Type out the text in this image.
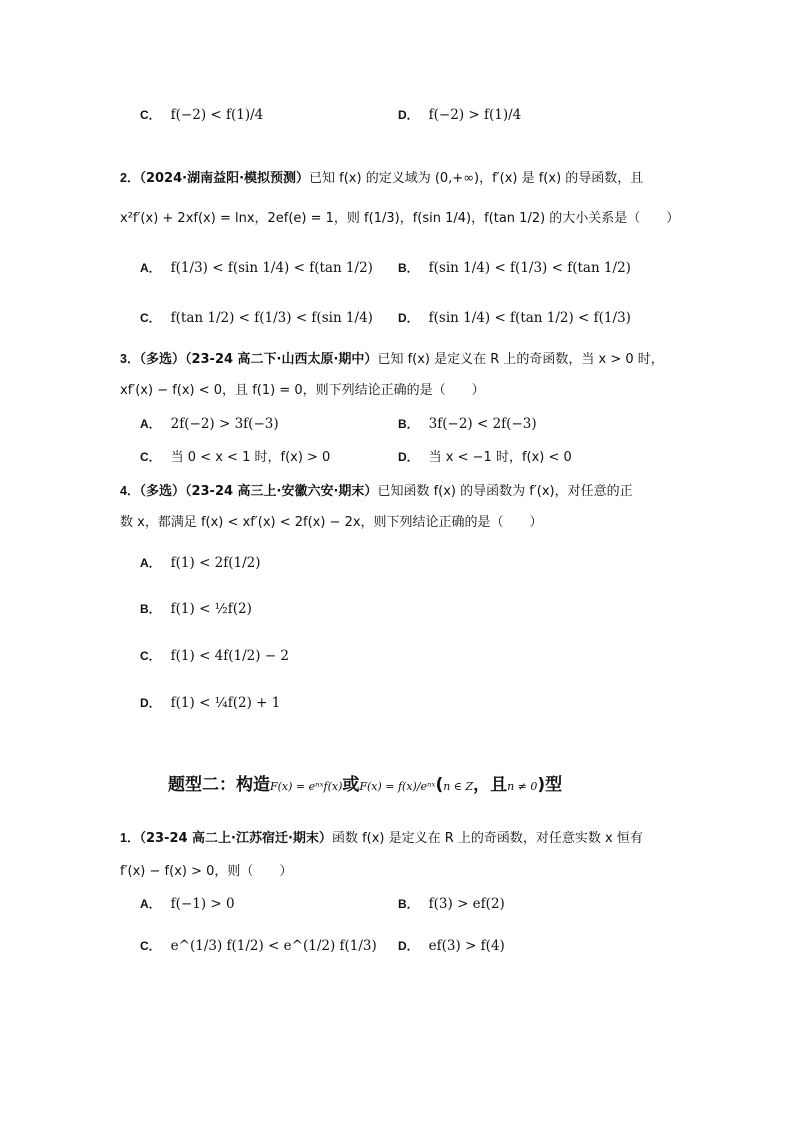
C． f(−2) < f(1)/4	D． f(−2) > f(1)/4
2．（2024·湖南益阳·模拟预测）已知 f(x) 的定义域为 (0,+∞)，f′(x) 是 f(x) 的导函数，且
x²f′(x) + 2xf(x) = lnx，2ef(e) = 1，则 f(1/3)，f(sin 1/4)，f(tan 1/2) 的大小关系是（　　）
A． f(1/3) < f(sin 1/4) < f(tan 1/2) B． f(sin 1/4) < f(1/3) < f(tan 1/2)
C． f(tan 1/2) < f(1/3) < f(sin 1/4) D． f(sin 1/4) < f(tan 1/2) < f(1/3)
3．（多选）（23-24 高二下·山西太原·期中）已知 f(x) 是定义在 R 上的奇函数，当 x > 0 时，
xf′(x) − f(x) < 0，且 f(1) = 0，则下列结论正确的是（　　）
A． 2f(−2) > 3f(−3)	B． 3f(−2) < 2f(−3)
C． 当 0 < x < 1 时，f(x) > 0	D． 当 x < −1 时，f(x) < 0
4．（多选）（23-24 高三上·安徽六安·期末）已知函数 f(x) 的导函数为 f′(x)，对任意的正
数 x，都满足 f(x) < xf′(x) < 2f(x) − 2x，则下列结论正确的是（　　）
A． f(1) < 2f(1/2)
B． f(1) < ½f(2)
C． f(1) < 4f(1/2) − 2
D． f(1) < ¼f(2) + 1
题型二：构造F(x) = eⁿˣf(x)或F(x) = f(x)/eⁿˣ(n ∈ Z，且n ≠ 0)型
1．（23-24 高二上·江苏宿迁·期末）函数 f(x) 是定义在 R 上的奇函数，对任意实数 x 恒有
f′(x) − f(x) > 0，则（　　）
A． f(−1) > 0	B． f(3) > ef(2)
C． e^(1/3) f(1/2) < e^(1/2) f(1/3) D． ef(3) > f(4)
